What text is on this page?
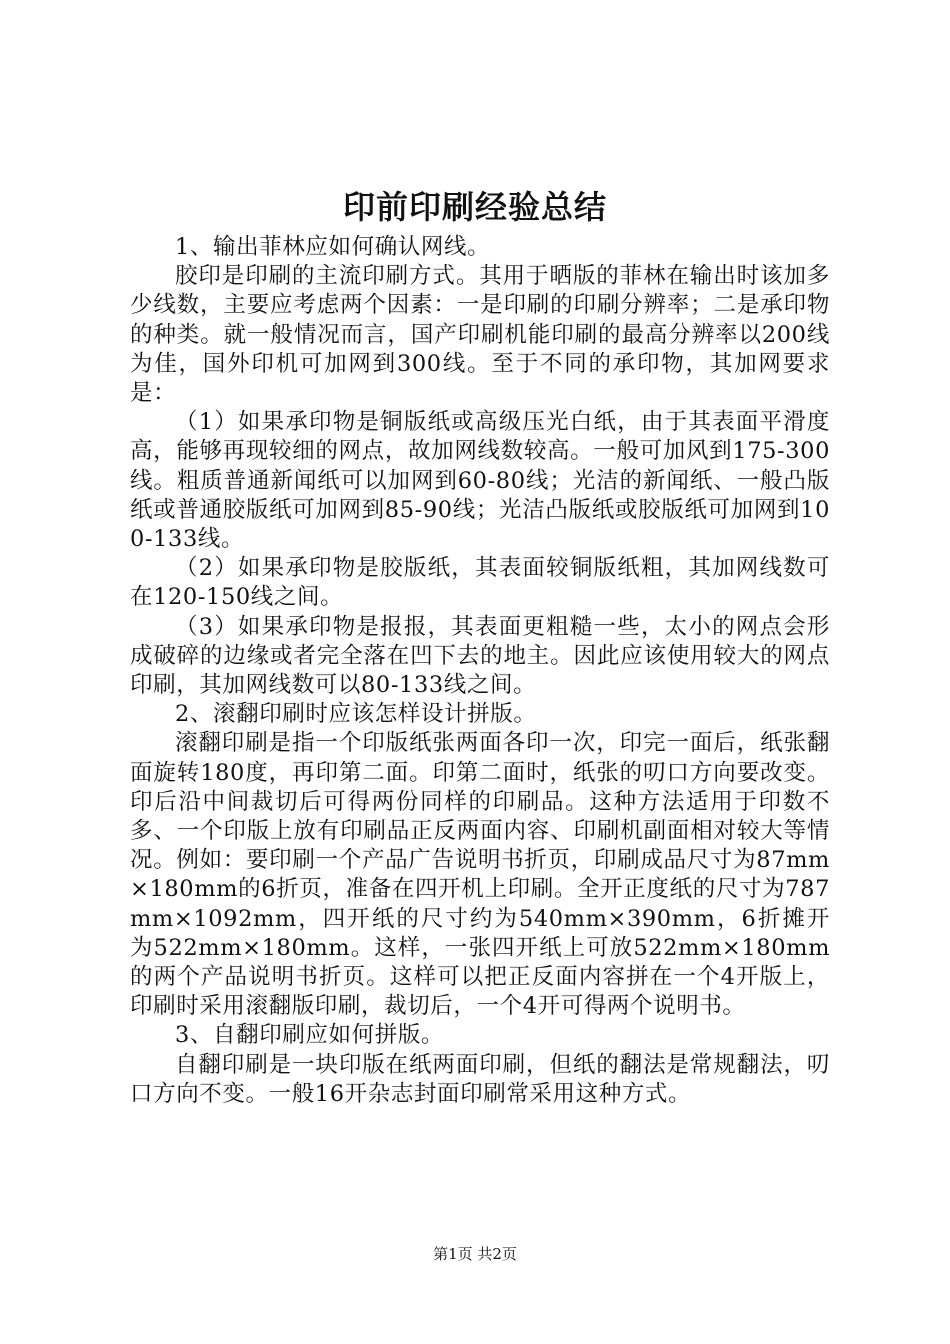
印前印刷经验总结

1、输出菲林应如何确认网线。

胶印是印刷的主流印刷方式。其用于晒版的菲林在输出时该加多少线数，主要应考虑两个因素：一是印刷的印刷分辨率；二是承印物的种类。就一般情况而言，国产印刷机能印刷的最高分辨率以200线为佳，国外印机可加网到300线。至于不同的承印物，其加网要求是：

（1）如果承印物是铜版纸或高级压光白纸，由于其表面平滑度高，能够再现较细的网点，故加网线数较高。一般可加风到175-300线。粗质普通新闻纸可以加网到60-80线；光洁的新闻纸、一般凸版纸或普通胶版纸可加网到85-90线；光洁凸版纸或胶版纸可加网到100-133线。

（2）如果承印物是胶版纸，其表面较铜版纸粗，其加网线数可在120-150线之间。

（3）如果承印物是报报，其表面更粗糙一些，太小的网点会形成破碎的边缘或者完全落在凹下去的地主。因此应该使用较大的网点印刷，其加网线数可以80-133线之间。

2、滚翻印刷时应该怎样设计拼版。

滚翻印刷是指一个印版纸张两面各印一次，印完一面后，纸张翻面旋转180度，再印第二面。印第二面时，纸张的叨口方向要改变。印后沿中间裁切后可得两份同样的印刷品。这种方法适用于印数不多、一个印版上放有印刷品正反两面内容、印刷机副面相对较大等情况。例如：要印刷一个产品广告说明书折页，印刷成品尺寸为87mm×180mm的6折页，准备在四开机上印刷。全开正度纸的尺寸为787mm×1092mm，四开纸的尺寸约为540mm×390mm，6折摊开为522mm×180mm。这样，一张四开纸上可放522mm×180mm的两个产品说明书折页。这样可以把正反面内容拼在一个4开版上，印刷时采用滚翻版印刷，裁切后，一个4开可得两个说明书。

3、自翻印刷应如何拼版。

自翻印刷是一块印版在纸两面印刷，但纸的翻法是常规翻法，叨口方向不变。一般16开杂志封面印刷常采用这种方式。

第1页 共2页
